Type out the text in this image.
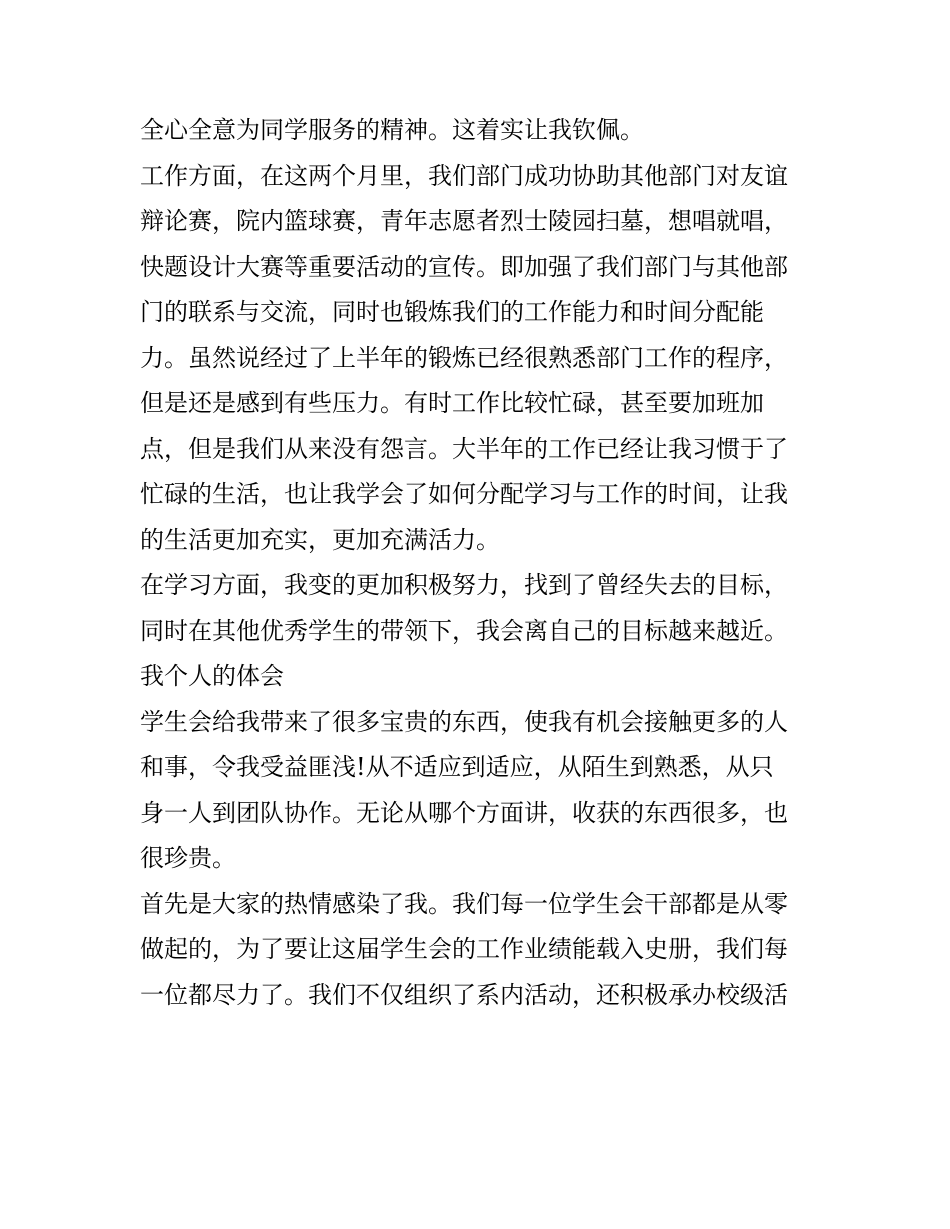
全心全意为同学服务的精神。这着实让我钦佩。
工作方面，在这两个月里，我们部门成功协助其他部门对友谊
辩论赛，院内篮球赛，青年志愿者烈士陵园扫墓，想唱就唱，
快题设计大赛等重要活动的宣传。即加强了我们部门与其他部
门的联系与交流，同时也锻炼我们的工作能力和时间分配能
力。虽然说经过了上半年的锻炼已经很熟悉部门工作的程序，
但是还是感到有些压力。有时工作比较忙碌，甚至要加班加
点，但是我们从来没有怨言。大半年的工作已经让我习惯于了
忙碌的生活，也让我学会了如何分配学习与工作的时间，让我
的生活更加充实，更加充满活力。
在学习方面，我变的更加积极努力，找到了曾经失去的目标，
同时在其他优秀学生的带领下，我会离自己的目标越来越近。
我个人的体会
学生会给我带来了很多宝贵的东西，使我有机会接触更多的人
和事，令我受益匪浅!从不适应到适应，从陌生到熟悉，从只
身一人到团队协作。无论从哪个方面讲，收获的东西很多，也
很珍贵。
首先是大家的热情感染了我。我们每一位学生会干部都是从零
做起的，为了要让这届学生会的工作业绩能载入史册，我们每
一位都尽力了。我们不仅组织了系内活动，还积极承办校级活
